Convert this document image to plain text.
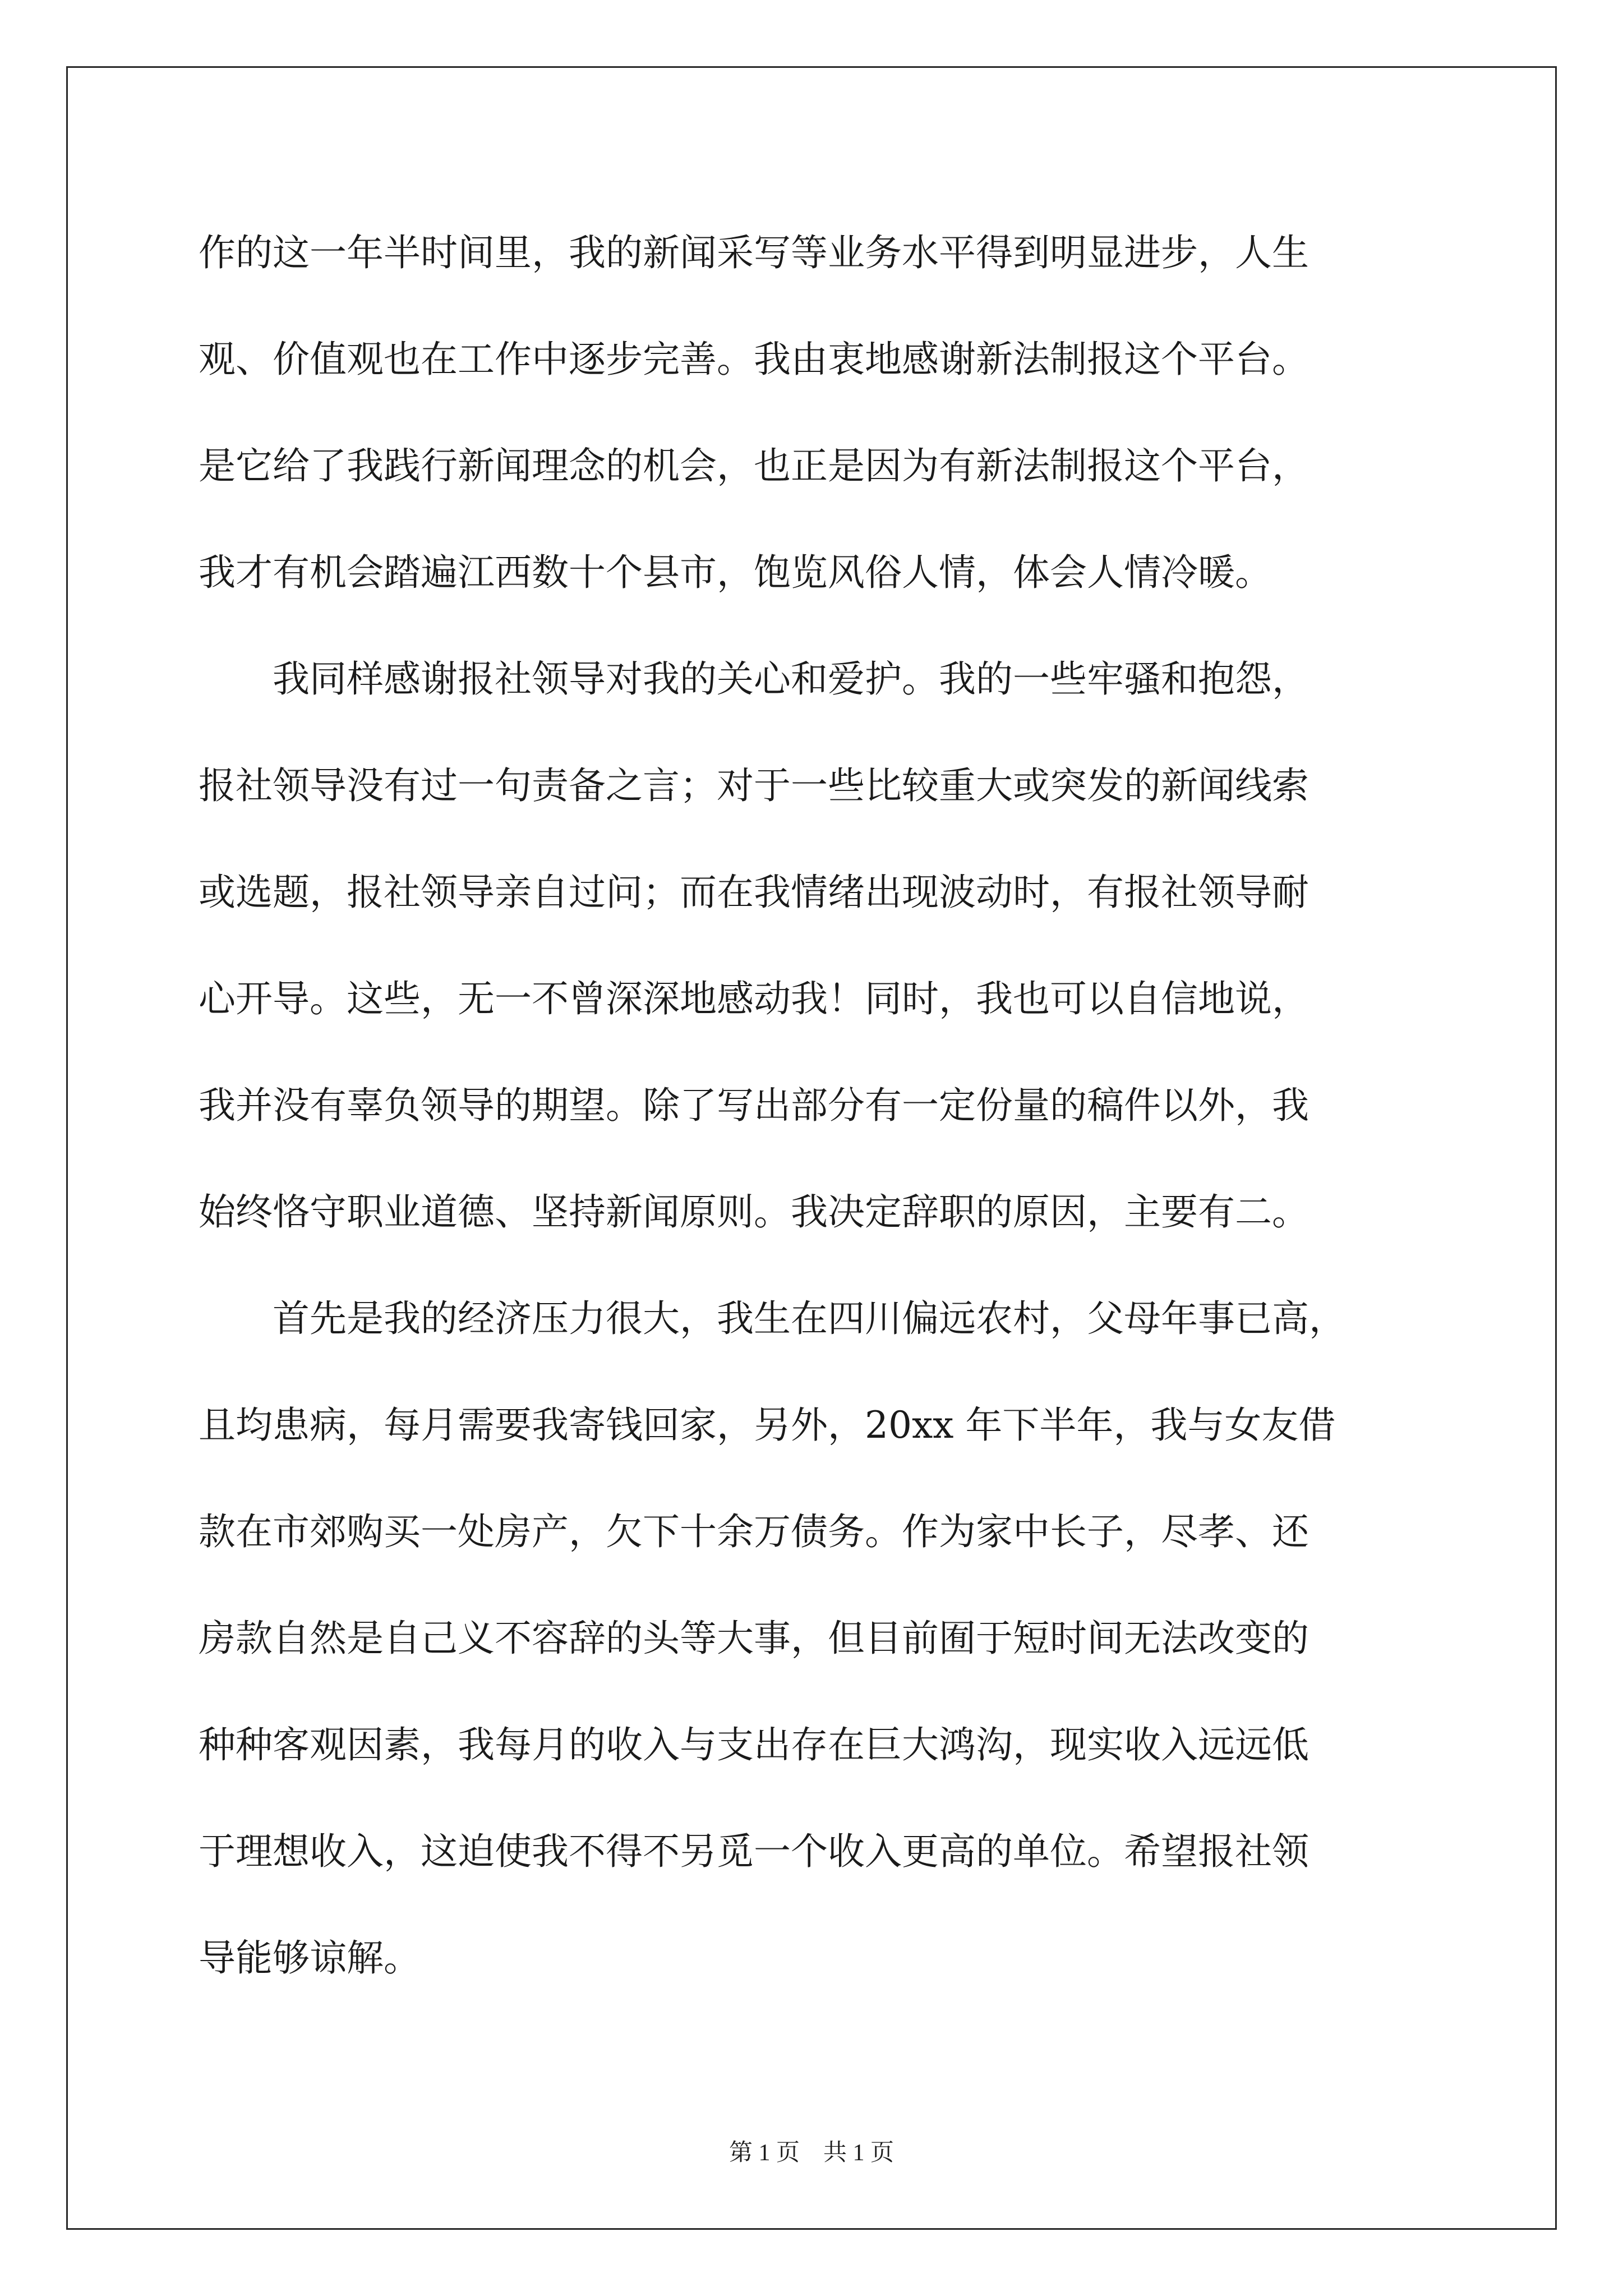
作的这一年半时间里，我的新闻采写等业务水平得到明显进步，人生
观、价值观也在工作中逐步完善。我由衷地感谢新法制报这个平台。
是它给了我践行新闻理念的机会，也正是因为有新法制报这个平台，
我才有机会踏遍江西数十个县市，饱览风俗人情，体会人情冷暖。
　　我同样感谢报社领导对我的关心和爱护。我的一些牢骚和抱怨，
报社领导没有过一句责备之言；对于一些比较重大或突发的新闻线索
或选题，报社领导亲自过问；而在我情绪出现波动时，有报社领导耐
心开导。这些，无一不曾深深地感动我！同时，我也可以自信地说，
我并没有辜负领导的期望。除了写出部分有一定份量的稿件以外，我
始终恪守职业道德、坚持新闻原则。我决定辞职的原因，主要有二。
　　首先是我的经济压力很大，我生在四川偏远农村，父母年事已高，
且均患病，每月需要我寄钱回家，另外，20xx 年下半年，我与女友借
款在市郊购买一处房产，欠下十余万债务。作为家中长子，尽孝、还
房款自然是自己义不容辞的头等大事，但目前囿于短时间无法改变的
种种客观因素，我每月的收入与支出存在巨大鸿沟，现实收入远远低
于理想收入，这迫使我不得不另觅一个收入更高的单位。希望报社领
导能够谅解。
第 1 页　共 1 页
